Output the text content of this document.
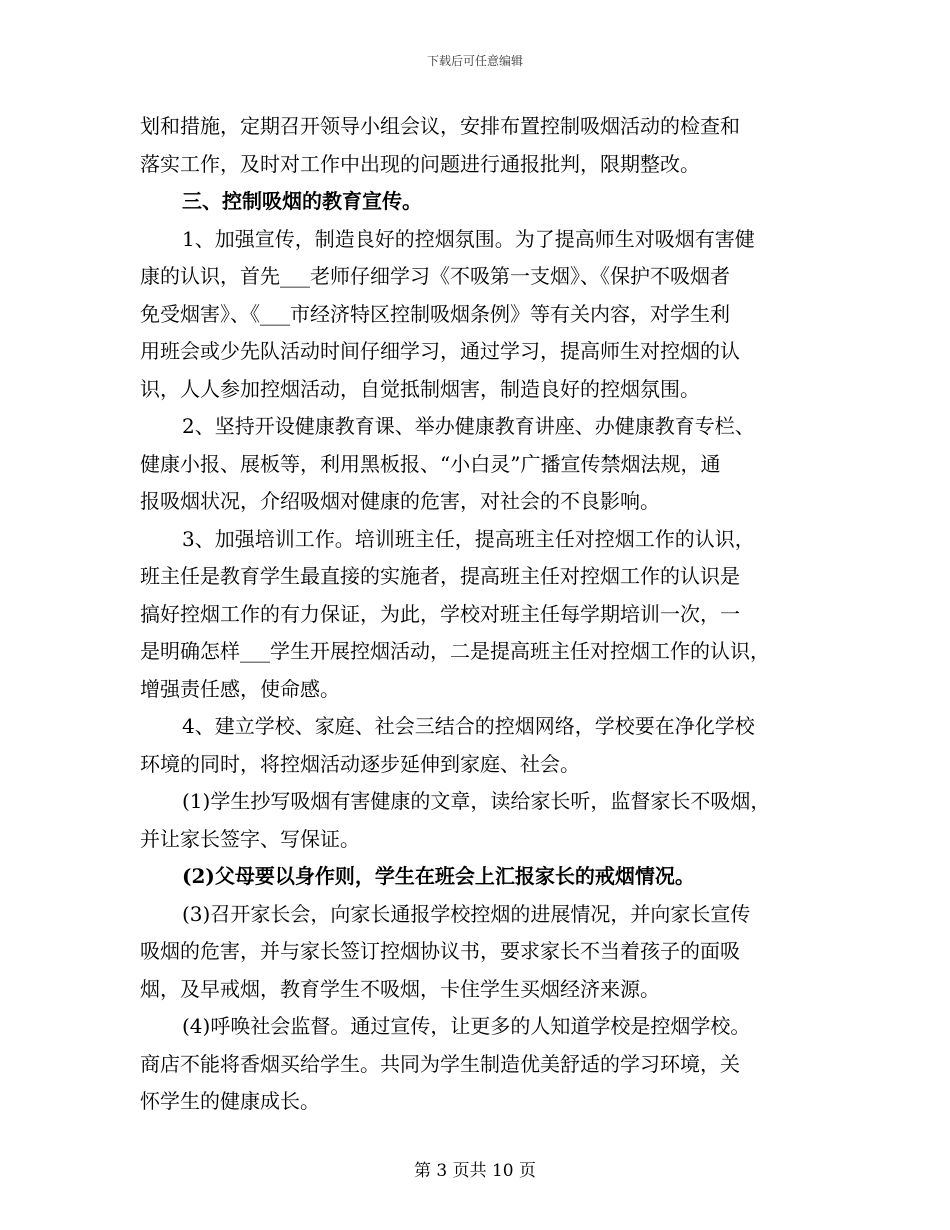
下载后可任意编辑
划和措施，定期召开领导小组会议，安排布置控制吸烟活动的检查和
落实工作，及时对工作中出现的问题进行通报批判，限期整改。
三、控制吸烟的教育宣传。
1、加强宣传，制造良好的控烟氛围。为了提高师生对吸烟有害健
康的认识，首先___老师仔细学习《不吸第一支烟》、《保护不吸烟者
免受烟害》、《___市经济特区控制吸烟条例》等有关内容，对学生利
用班会或少先队活动时间仔细学习，通过学习，提高师生对控烟的认
识，人人参加控烟活动，自觉抵制烟害，制造良好的控烟氛围。
2、坚持开设健康教育课、举办健康教育讲座、办健康教育专栏、
健康小报、展板等，利用黑板报、“小白灵”广播宣传禁烟法规，通
报吸烟状况，介绍吸烟对健康的危害，对社会的不良影响。
3、加强培训工作。培训班主任，提高班主任对控烟工作的认识，
班主任是教育学生最直接的实施者，提高班主任对控烟工作的认识是
搞好控烟工作的有力保证，为此，学校对班主任每学期培训一次，一
是明确怎样___学生开展控烟活动，二是提高班主任对控烟工作的认识，
增强责任感，使命感。
4、建立学校、家庭、社会三结合的控烟网络，学校要在净化学校
环境的同时，将控烟活动逐步延伸到家庭、社会。
(1)学生抄写吸烟有害健康的文章，读给家长听，监督家长不吸烟，
并让家长签字、写保证。
(2)父母要以身作则，学生在班会上汇报家长的戒烟情况。
(3)召开家长会，向家长通报学校控烟的进展情况，并向家长宣传
吸烟的危害，并与家长签订控烟协议书，要求家长不当着孩子的面吸
烟，及早戒烟，教育学生不吸烟，卡住学生买烟经济来源。
(4)呼唤社会监督。通过宣传，让更多的人知道学校是控烟学校。
商店不能将香烟买给学生。共同为学生制造优美舒适的学习环境，关
怀学生的健康成长。
第 3 页共 10 页
